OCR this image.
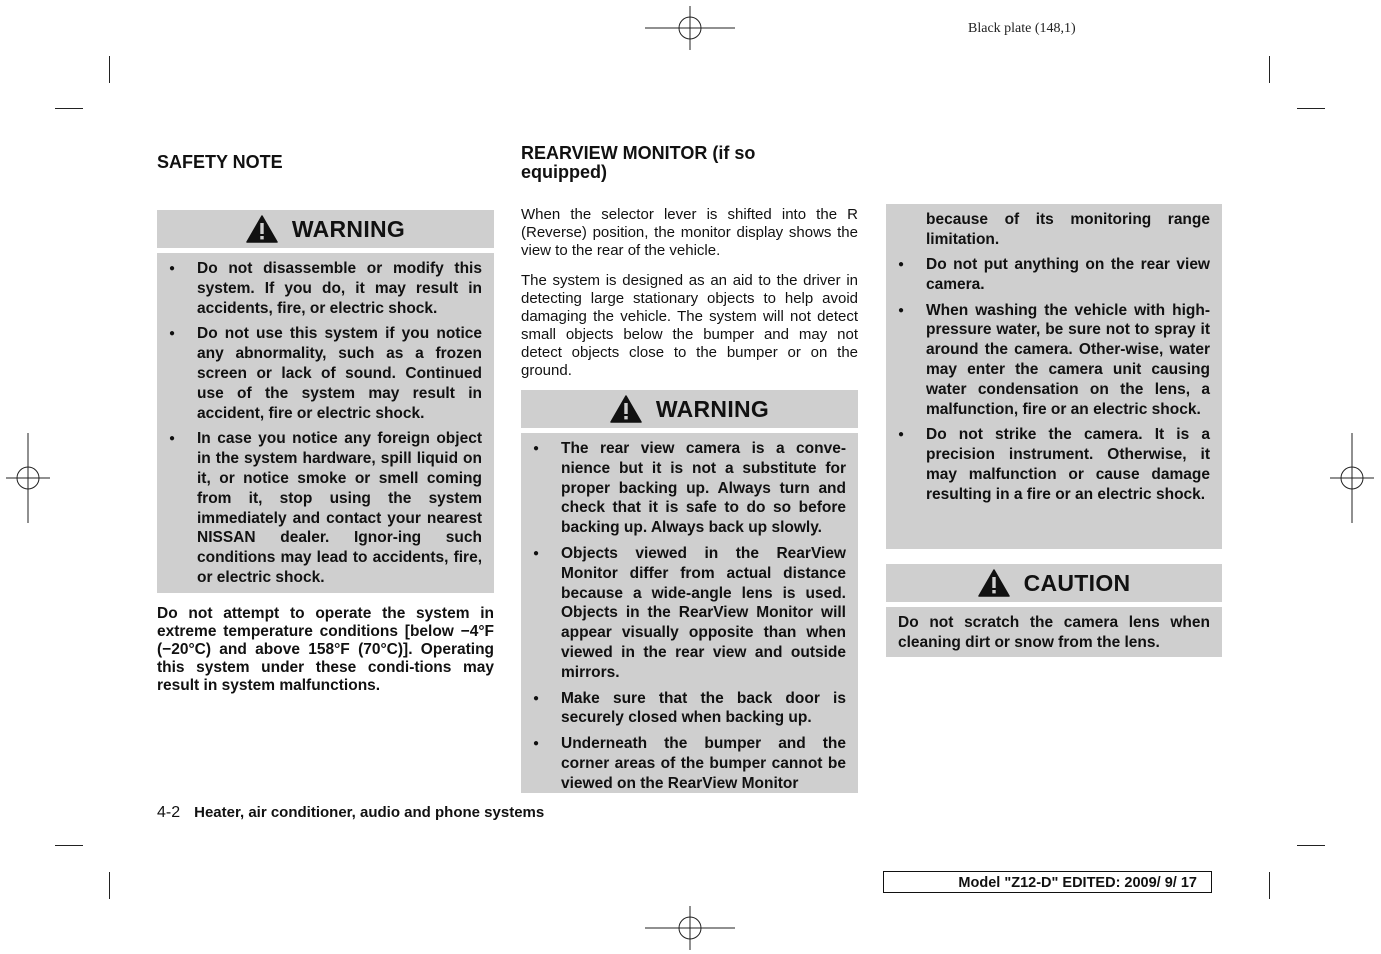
Black plate (148,1)
SAFETY NOTE
WARNING
● Do not disassemble or modify this system. If you do, it may result in accidents, fire, or electric shock.
● Do not use this system if you notice any abnormality, such as a frozen screen or lack of sound. Continued use of the system may result in accident, fire or electric shock.
● In case you notice any foreign object in the system hardware, spill liquid on it, or notice smoke or smell coming from it, stop using the system immediately and contact your nearest NISSAN dealer. Ignor-ing such conditions may lead to accidents, fire, or electric shock.

Do not attempt to operate the system in extreme temperature conditions [below −4°F (−20°C) and above 158°F (70°C)]. Operating this system under these condi-tions may result in system malfunctions.

REARVIEW MONITOR (if so
equipped)

When the selector lever is shifted into the R (Reverse) position, the monitor display shows the view to the rear of the vehicle.

The system is designed as an aid to the driver in detecting large stationary objects to help avoid damaging the vehicle. The system will not detect small objects below the bumper and may not detect objects close to the bumper or on the ground.

WARNING
● The rear view camera is a conve-nience but it is not a substitute for proper backing up. Always turn and check that it is safe to do so before backing up. Always back up slowly.
● Objects viewed in the RearView Monitor differ from actual distance because a wide-angle lens is used. Objects in the RearView Monitor will appear visually opposite than when viewed in the rear view and outside mirrors.
● Make sure that the back door is securely closed when backing up.
● Underneath the bumper and the corner areas of the bumper cannot be viewed on the RearView Monitor

because of its monitoring range limitation.

● Do not put anything on the rear view camera.
● When washing the vehicle with high-pressure water, be sure not to spray it around the camera. Other-wise, water may enter the camera unit causing water condensation on the lens, a malfunction, fire or an electric shock.
● Do not strike the camera. It is a precision instrument. Otherwise, it may malfunction or cause damage resulting in a fire or an electric shock.
CAUTION

Do not scratch the camera lens when cleaning dirt or snow from the lens.

4-2 Heater, air conditioner, audio and phone systems
Model "Z12-D" EDITED: 2009/ 9/ 17
